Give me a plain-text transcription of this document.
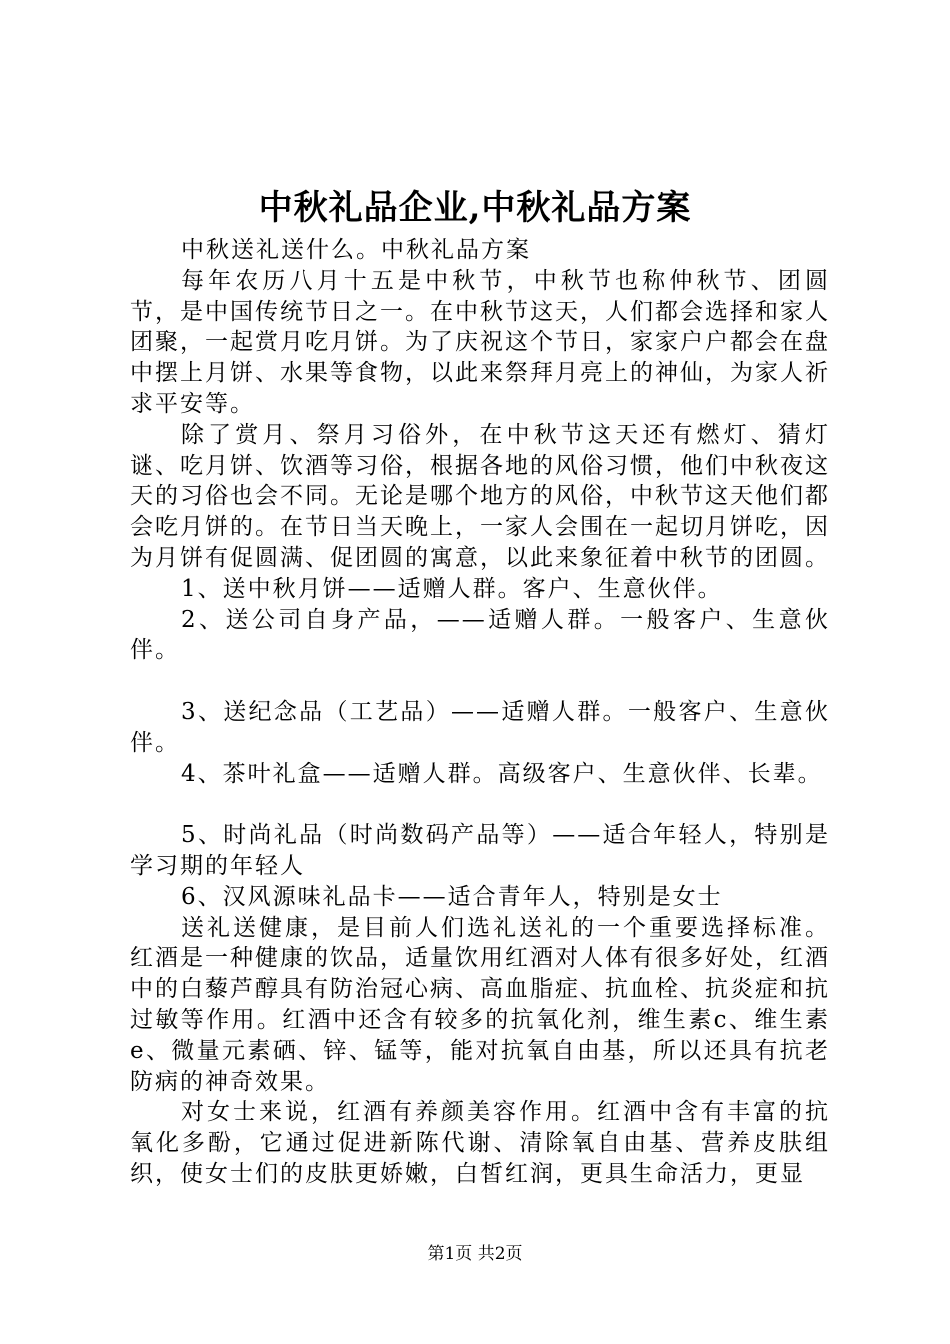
中秋礼品企业,中秋礼品方案

中秋送礼送什么。中秋礼品方案

每年农历八月十五是中秋节，中秋节也称仲秋节、团圆节，是中国传统节日之一。在中秋节这天，人们都会选择和家人团聚，一起赏月吃月饼。为了庆祝这个节日，家家户户都会在盘中摆上月饼、水果等食物，以此来祭拜月亮上的神仙，为家人祈求平安等。

除了赏月、祭月习俗外，在中秋节这天还有燃灯、猜灯谜、吃月饼、饮酒等习俗，根据各地的风俗习惯，他们中秋夜这天的习俗也会不同。无论是哪个地方的风俗，中秋节这天他们都会吃月饼的。在节日当天晚上，一家人会围在一起切月饼吃，因为月饼有促圆满、促团圆的寓意，以此来象征着中秋节的团圆。

1、送中秋月饼——适赠人群。客户、生意伙伴。

2、送公司自身产品，——适赠人群。一般客户、生意伙伴。

3、送纪念品（工艺品）——适赠人群。一般客户、生意伙伴。

4、茶叶礼盒——适赠人群。高级客户、生意伙伴、长辈。

5、时尚礼品（时尚数码产品等）——适合年轻人，特别是学习期的年轻人

6、汉风源味礼品卡——适合青年人，特别是女士

送礼送健康，是目前人们选礼送礼的一个重要选择标准。红酒是一种健康的饮品，适量饮用红酒对人体有很多好处，红酒中的白藜芦醇具有防治冠心病、高血脂症、抗血栓、抗炎症和抗过敏等作用。红酒中还含有较多的抗氧化剂，维生素c、维生素e、微量元素硒、锌、锰等，能对抗氧自由基，所以还具有抗老防病的神奇效果。

对女士来说，红酒有养颜美容作用。红酒中含有丰富的抗氧化多酚，它通过促进新陈代谢、清除氧自由基、营养皮肤组织，使女士们的皮肤更娇嫩，白皙红润，更具生命活力，更显

第1页 共2页
